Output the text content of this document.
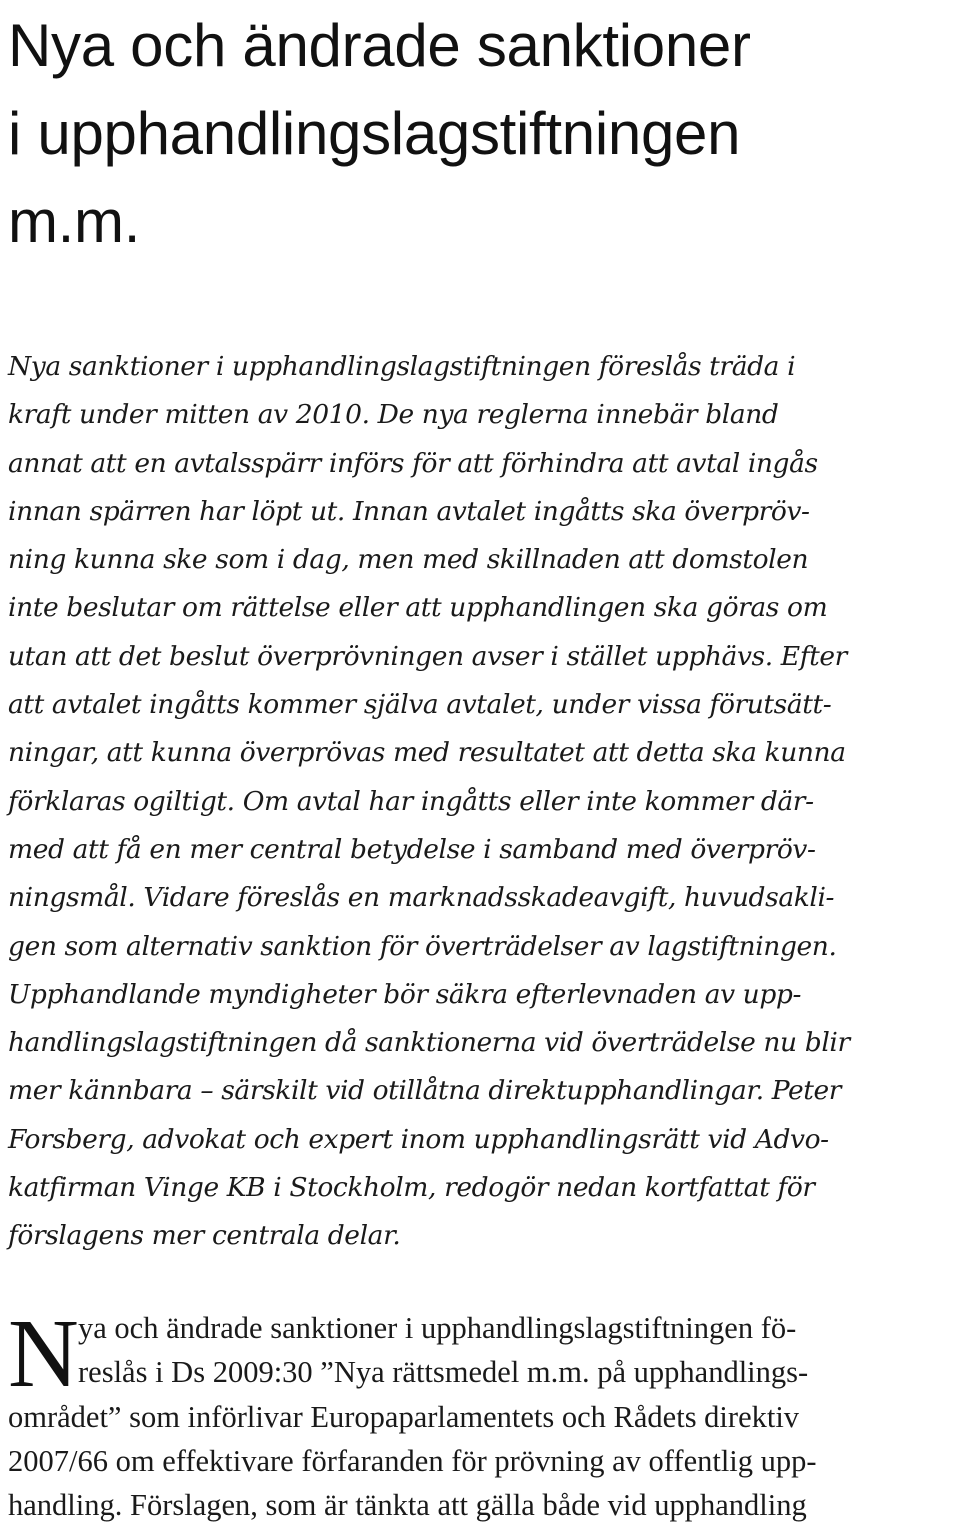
Nya och ändrade sanktioner
i upphandlingslagstiftningen
m.m.
Nya sanktioner i upphandlingslagstiftningen föreslås träda i
kraft under mitten av 2010. De nya reglerna innebär bland
annat att en avtalsspärr införs för att förhindra att avtal ingås
innan spärren har löpt ut. Innan avtalet ingåtts ska överpröv-
ning kunna ske som i dag, men med skillnaden att domstolen
inte beslutar om rättelse eller att upphandlingen ska göras om
utan att det beslut överprövningen avser i stället upphävs. Efter
att avtalet ingåtts kommer själva avtalet, under vissa förutsätt-
ningar, att kunna överprövas med resultatet att detta ska kunna
förklaras ogiltigt. Om avtal har ingåtts eller inte kommer där-
med att få en mer central betydelse i samband med överpröv-
ningsmål. Vidare föreslås en marknadsskadeavgift, huvudsakli-
gen som alternativ sanktion för överträdelser av lagstiftningen.
Upphandlande myndigheter bör säkra efterlevnaden av upp-
handlingslagstiftningen då sanktionerna vid överträdelse nu blir
mer kännbara – särskilt vid otillåtna direktupphandlingar. Peter
Forsberg, advokat och expert inom upphandlingsrätt vid Advo-
katfirman Vinge KB i Stockholm, redogör nedan kortfattat för
förslagens mer centrala delar.
N ya och ändrade sanktioner i upphandlingslagstiftningen fö-
reslås i Ds 2009:30 ”Nya rättsmedel m.m. på upphandlings-
området” som införlivar Europaparlamentets och Rådets direktiv
2007/66 om effektivare förfaranden för prövning av offentlig upp-
handling. Förslagen, som är tänkta att gälla både vid upphandling
